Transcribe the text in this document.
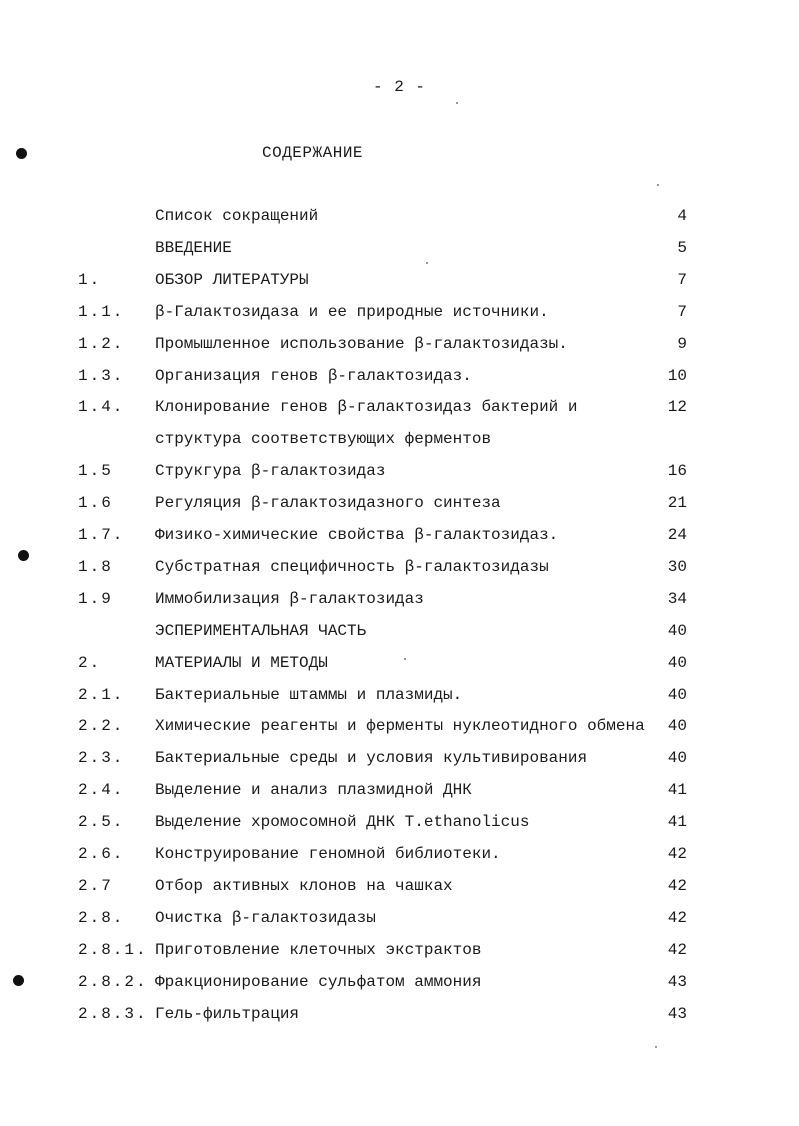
- 2 -
СОДЕРЖАНИЕ
Список сокращений	4
ВВЕДЕНИЕ	5
1.	ОБЗОР ЛИТЕРАТУРЫ	7
1.1. β-Галактозидаза и ее природные источники.	7
1.2. Промышленное использование β-галактозидазы.	9
1.3. Организация генов β-галактозидаз.	10
1.4. Клонирование генов β-галактозидаз бактерий и	12
структура соответствующих ферментов
1.5	Струкгура β-галактозидаз	16
1.6	Регуляция β-галактозидазного синтеза	21
1.7. Физико-химические свойства β-галактозидаз.	24
1.8	Субстратная специфичность β-галактозидазы	30
1.9	Иммобилизация β-галактозидаз	34
ЭСПЕРИМЕНТАЛЬНАЯ ЧАСТЬ	40
2.	МАТЕРИАЛЫ И МЕТОДЫ	40
2.1. Бактериальные штаммы и плазмиды.	40
2.2. Химические реагенты и ферменты нуклеотидного обмена 40
2.3. Бактериальные среды и условия культивирования	40
2.4. Выделение и анализ плазмидной ДНК	41
2.5. Выделение хромосомной ДНК T.ethanolicus	41
2.6. Конструирование геномной библиотеки.	42
2.7	Отбор активных клонов на чашках	42
2.8. Очистка β-галактозидазы	42
2.8.1. Приготовление клеточных экстрактов	42
2.8.2. Фракционирование сульфатом аммония	43
2.8.3. Гель-фильтрация	43
